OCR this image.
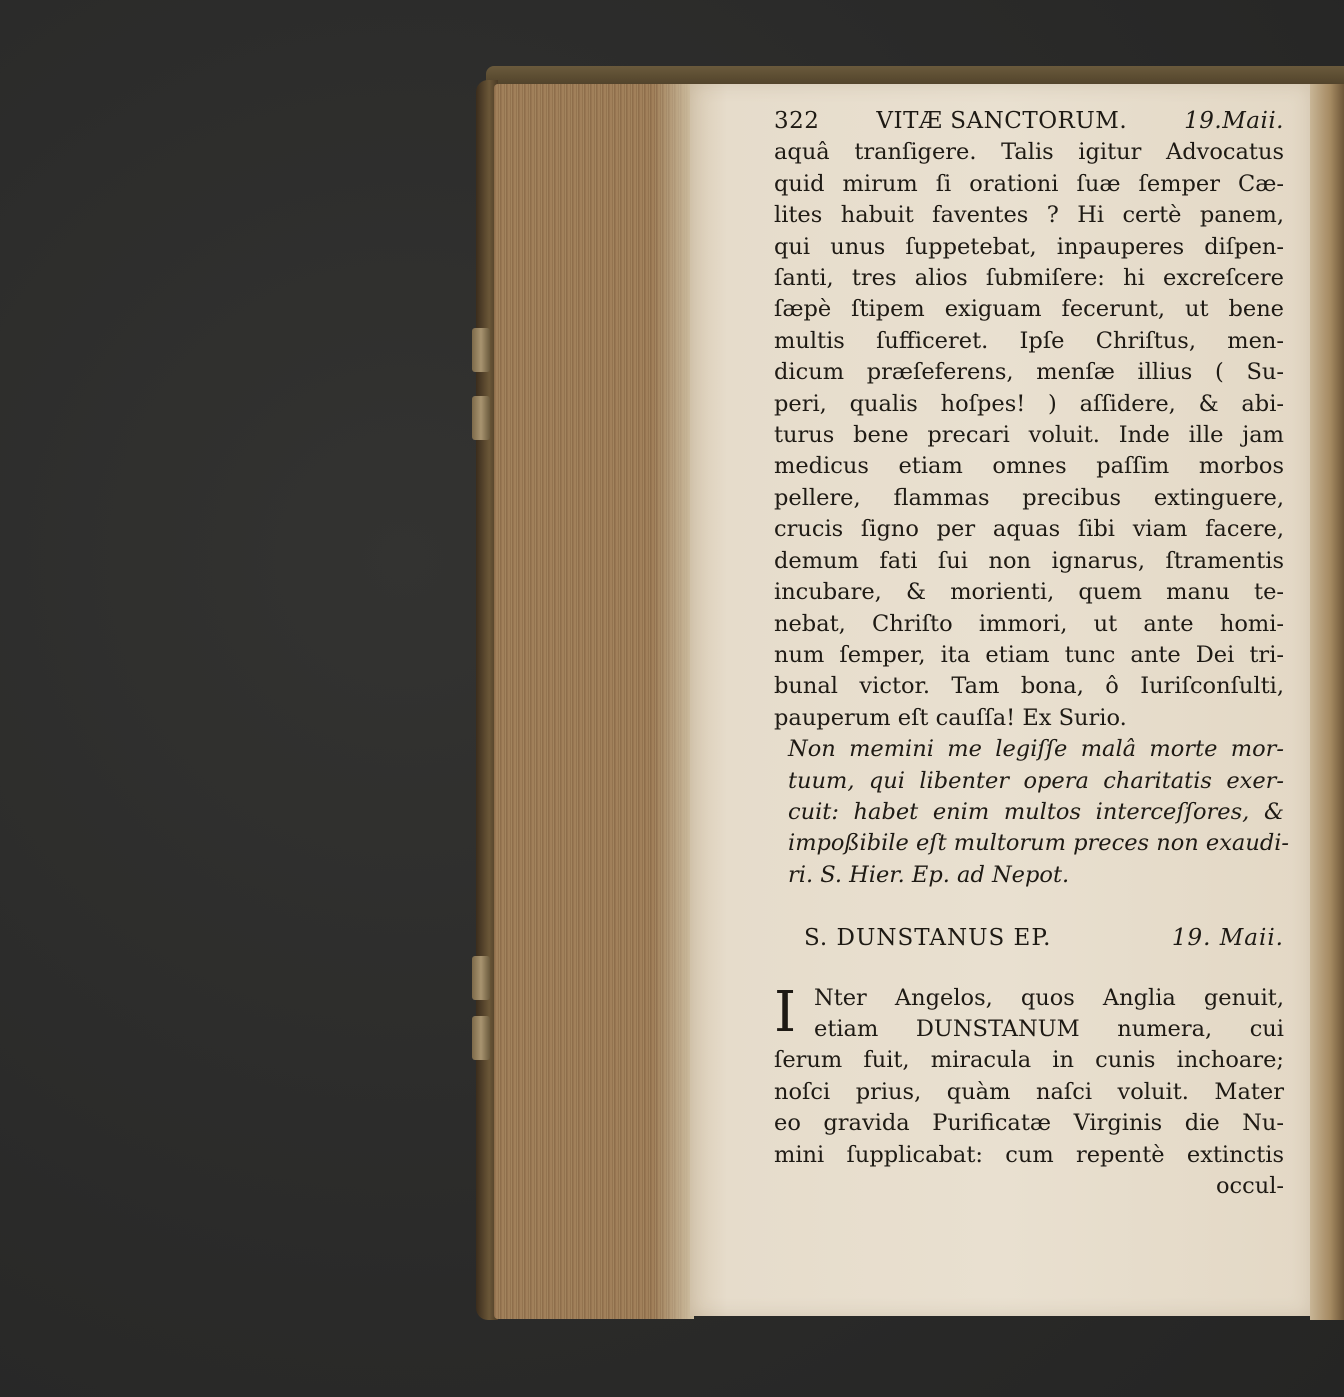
322 VITÆ SANCTORUM. 19.Maii.
aquâ tranſigere. Talis igitur Advocatus
quid mirum ſi orationi ſuæ ſemper Cæ-
lites habuit faventes ? Hi certè panem,
qui unus ſuppetebat, inpauperes diſpen-
ſanti, tres alios ſubmiſere: hi excreſcere
ſæpè ſtipem exiguam fecerunt, ut bene
multis ſufficeret. Ipſe Chriſtus, men-
dicum præſeferens, menſæ illius ( Su-
peri, qualis hoſpes! ) aſſidere, & abi-
turus bene precari voluit. Inde ille jam
medicus etiam omnes paſſim morbos
pellere, flammas precibus extinguere,
crucis ſigno per aquas ſibi viam facere,
demum fati ſui non ignarus, ſtramentis
incubare, & morienti, quem manu te-
nebat, Chriſto immori, ut ante homi-
num ſemper, ita etiam tunc ante Dei tri-
bunal victor. Tam bona, ô Iuriſconſulti,
pauperum eſt cauſſa! Ex Surio.
Non memini me legiſſe malâ morte mor-
tuum, qui libenter opera charitatis exer-
cuit: habet enim multos interceſſores, &
impoßibile eſt multorum preces non exaudi-
ri. S. Hier. Ep. ad Nepot.
S. DUNSTANUS EP.	19. Maii.
I Nter Angelos, quos Anglia genuit,
etiam DUNSTANUM numera, cui
ſerum fuit, miracula in cunis inchoare;
noſci prius, quàm naſci voluit. Mater
eo gravida Purificatæ Virginis die Nu-
mini ſupplicabat: cum repentè extinctis
occul-
